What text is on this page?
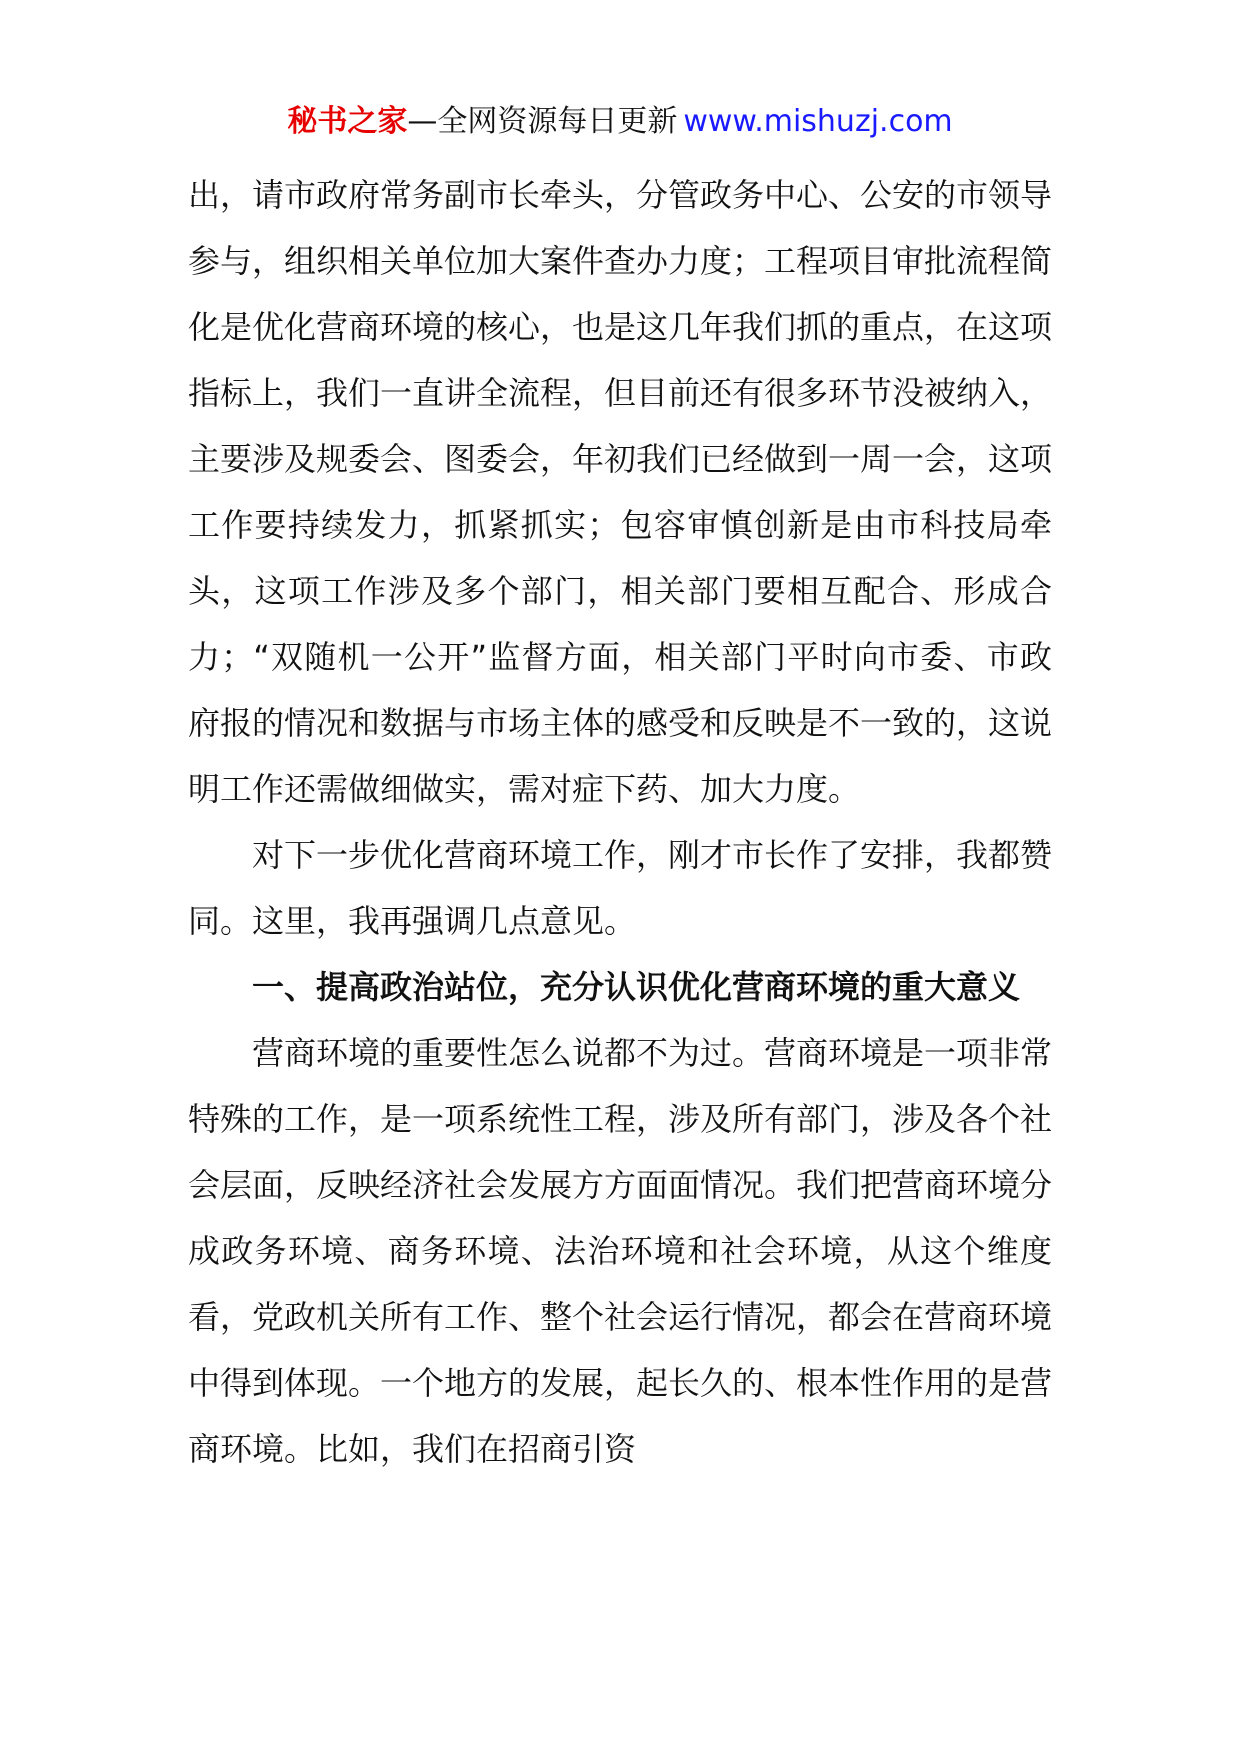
秘书之家—全网资源每日更新 www.mishuzj.com

出，请市政府常务副市长牵头，分管政务中心、公安的市领导参与，组织相关单位加大案件查办力度；工程项目审批流程简化是优化营商环境的核心，也是这几年我们抓的重点，在这项指标上，我们一直讲全流程，但目前还有很多环节没被纳入，主要涉及规委会、图委会，年初我们已经做到一周一会，这项工作要持续发力，抓紧抓实；包容审慎创新是由市科技局牵头，这项工作涉及多个部门，相关部门要相互配合、形成合力；“双随机一公开”监督方面，相关部门平时向市委、市政府报的情况和数据与市场主体的感受和反映是不一致的，这说明工作还需做细做实，需对症下药、加大力度。

对下一步优化营商环境工作，刚才市长作了安排，我都赞同。这里，我再强调几点意见。

一、提高政治站位，充分认识优化营商环境的重大意义

营商环境的重要性怎么说都不为过。营商环境是一项非常特殊的工作，是一项系统性工程，涉及所有部门，涉及各个社会层面，反映经济社会发展方方面面情况。我们把营商环境分成政务环境、商务环境、法治环境和社会环境，从这个维度看，党政机关所有工作、整个社会运行情况，都会在营商环境中得到体现。一个地方的发展，起长久的、根本性作用的是营商环境。比如，我们在招商引资
